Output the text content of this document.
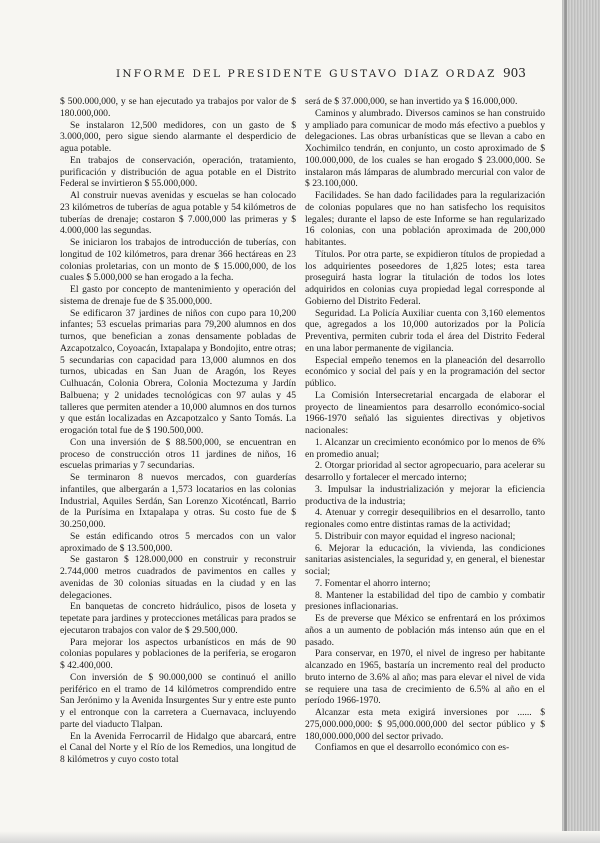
INFORME DEL PRESIDENTE GUSTAVO DIAZ ORDAZ 903

$ 500.000,000, y se han ejecutado ya trabajos por valor de $ 180.000,000.

Se instalaron 12,500 medidores, con un gasto de $ 3.000,000, pero sigue siendo alarmante el desperdicio de agua potable.

En trabajos de conservación, operación, tratamiento, purificación y distribución de agua potable en el Distrito Federal se invirtieron $ 55.000,000.

Al construir nuevas avenidas y escuelas se han colocado 23 kilómetros de tuberías de agua potable y 54 kilómetros de tuberías de drenaje; costaron $ 7.000,000 las primeras y $ 4.000,000 las segundas.

Se iniciaron los trabajos de introducción de tuberías, con longitud de 102 kilómetros, para drenar 366 hectáreas en 23 colonias proletarias, con un monto de $ 15.000,000, de los cuales $ 5.000,000 se han erogado a la fecha.

El gasto por concepto de mantenimiento y operación del sistema de drenaje fue de $ 35.000,000.

Se edificaron 37 jardines de niños con cupo para 10,200 infantes; 53 escuelas primarias para 79,200 alumnos en dos turnos, que benefician a zonas densamente pobladas de Azcapotzalco, Coyoacán, Ixtapalapa y Bondojito, entre otras; 5 secundarias con capacidad para 13,000 alumnos en dos turnos, ubicadas en San Juan de Aragón, los Reyes Culhuacán, Colonia Obrera, Colonia Moctezuma y Jardín Balbuena; y 2 unidades tecnológicas con 97 aulas y 45 talleres que permiten atender a 10,000 alumnos en dos turnos y que están localizadas en Azcapotzalco y Santo Tomás. La erogación total fue de $ 190.500,000.

Con una inversión de $ 88.500,000, se encuentran en proceso de construcción otros 11 jardines de niños, 16 escuelas primarias y 7 secundarias.

Se terminaron 8 nuevos mercados, con guarderías infantiles, que albergarán a 1,573 locatarios en las colonias Industrial, Aquiles Serdán, San Lorenzo Xicoténcatl, Barrio de la Purísima en Ixtapalapa y otras. Su costo fue de $ 30.250,000.

Se están edificando otros 5 mercados con un valor aproximado de $ 13.500,000.

Se gastaron $ 128.000,000 en construir y reconstruir 2.744,000 metros cuadrados de pavimentos en calles y avenidas de 30 colonias situadas en la ciudad y en las delegaciones.

En banquetas de concreto hidráulico, pisos de loseta y tepetate para jardines y protecciones metálicas para prados se ejecutaron trabajos con valor de $ 29.500,000.

Para mejorar los aspectos urbanísticos en más de 90 colonias populares y poblaciones de la periferia, se erogaron $ 42.400,000.

Con inversión de $ 90.000,000 se continuó el anillo periférico en el tramo de 14 kilómetros comprendido entre San Jerónimo y la Avenida Insurgentes Sur y entre este punto y el entronque con la carretera a Cuernavaca, incluyendo parte del viaducto Tlalpan.

En la Avenida Ferrocarril de Hidalgo que abarcará, entre el Canal del Norte y el Río de los Remedios, una longitud de 8 kilómetros y cuyo costo total

será de $ 37.000,000, se han invertido ya $ 16.000,000.

Caminos y alumbrado. Diversos caminos se han construido y ampliado para comunicar de modo más efectivo a pueblos y delegaciones. Las obras urbanísticas que se llevan a cabo en Xochimilco tendrán, en conjunto, un costo aproximado de $ 100.000,000, de los cuales se han erogado $ 23.000,000. Se instalaron más lámparas de alumbrado mercurial con valor de $ 23.100,000.

Facilidades. Se han dado facilidades para la regularización de colonias populares que no han satisfecho los requisitos legales; durante el lapso de este Informe se han regularizado 16 colonias, con una población aproximada de 200,000 habitantes.

Títulos. Por otra parte, se expidieron títulos de propiedad a los adquirientes poseedores de 1,825 lotes; esta tarea proseguirá hasta lograr la titulación de todos los lotes adquiridos en colonias cuya propiedad legal corresponde al Gobierno del Distrito Federal.

Seguridad. La Policía Auxiliar cuenta con 3,160 elementos que, agregados a los 10,000 autorizados por la Policía Preventiva, permiten cubrir toda el área del Distrito Federal en una labor permanente de vigilancia.

Especial empeño tenemos en la planeación del desarrollo económico y social del país y en la programación del sector público.

La Comisión Intersecretarial encargada de elaborar el proyecto de lineamientos para desarrollo económico-social 1966-1970 señaló las siguientes directivas y objetivos nacionales:

1. Alcanzar un crecimiento económico por lo menos de 6% en promedio anual;

2. Otorgar prioridad al sector agropecuario, para acelerar su desarrollo y fortalecer el mercado interno;

3. Impulsar la industrialización y mejorar la eficiencia productiva de la industria;

4. Atenuar y corregir desequilibrios en el desarrollo, tanto regionales como entre distintas ramas de la actividad;

5. Distribuir con mayor equidad el ingreso nacional;

6. Mejorar la educación, la vivienda, las condiciones sanitarias asistenciales, la seguridad y, en general, el bienestar social;

7. Fomentar el ahorro interno;

8. Mantener la estabilidad del tipo de cambio y combatir presiones inflacionarias.

Es de preverse que México se enfrentará en los próximos años a un aumento de población más intenso aún que en el pasado.

Para conservar, en 1970, el nivel de ingreso per habitante alcanzado en 1965, bastaría un incremento real del producto bruto interno de 3.6% al año; mas para elevar el nivel de vida se requiere una tasa de crecimiento de 6.5% al año en el período 1966-1970.

Alcanzar esta meta exigirá inversiones por ...... $ 275,000.000,000: $ 95,000.000,000 del sector público y $ 180,000.000,000 del sector privado.

Confiamos en que el desarrollo económico con es-
